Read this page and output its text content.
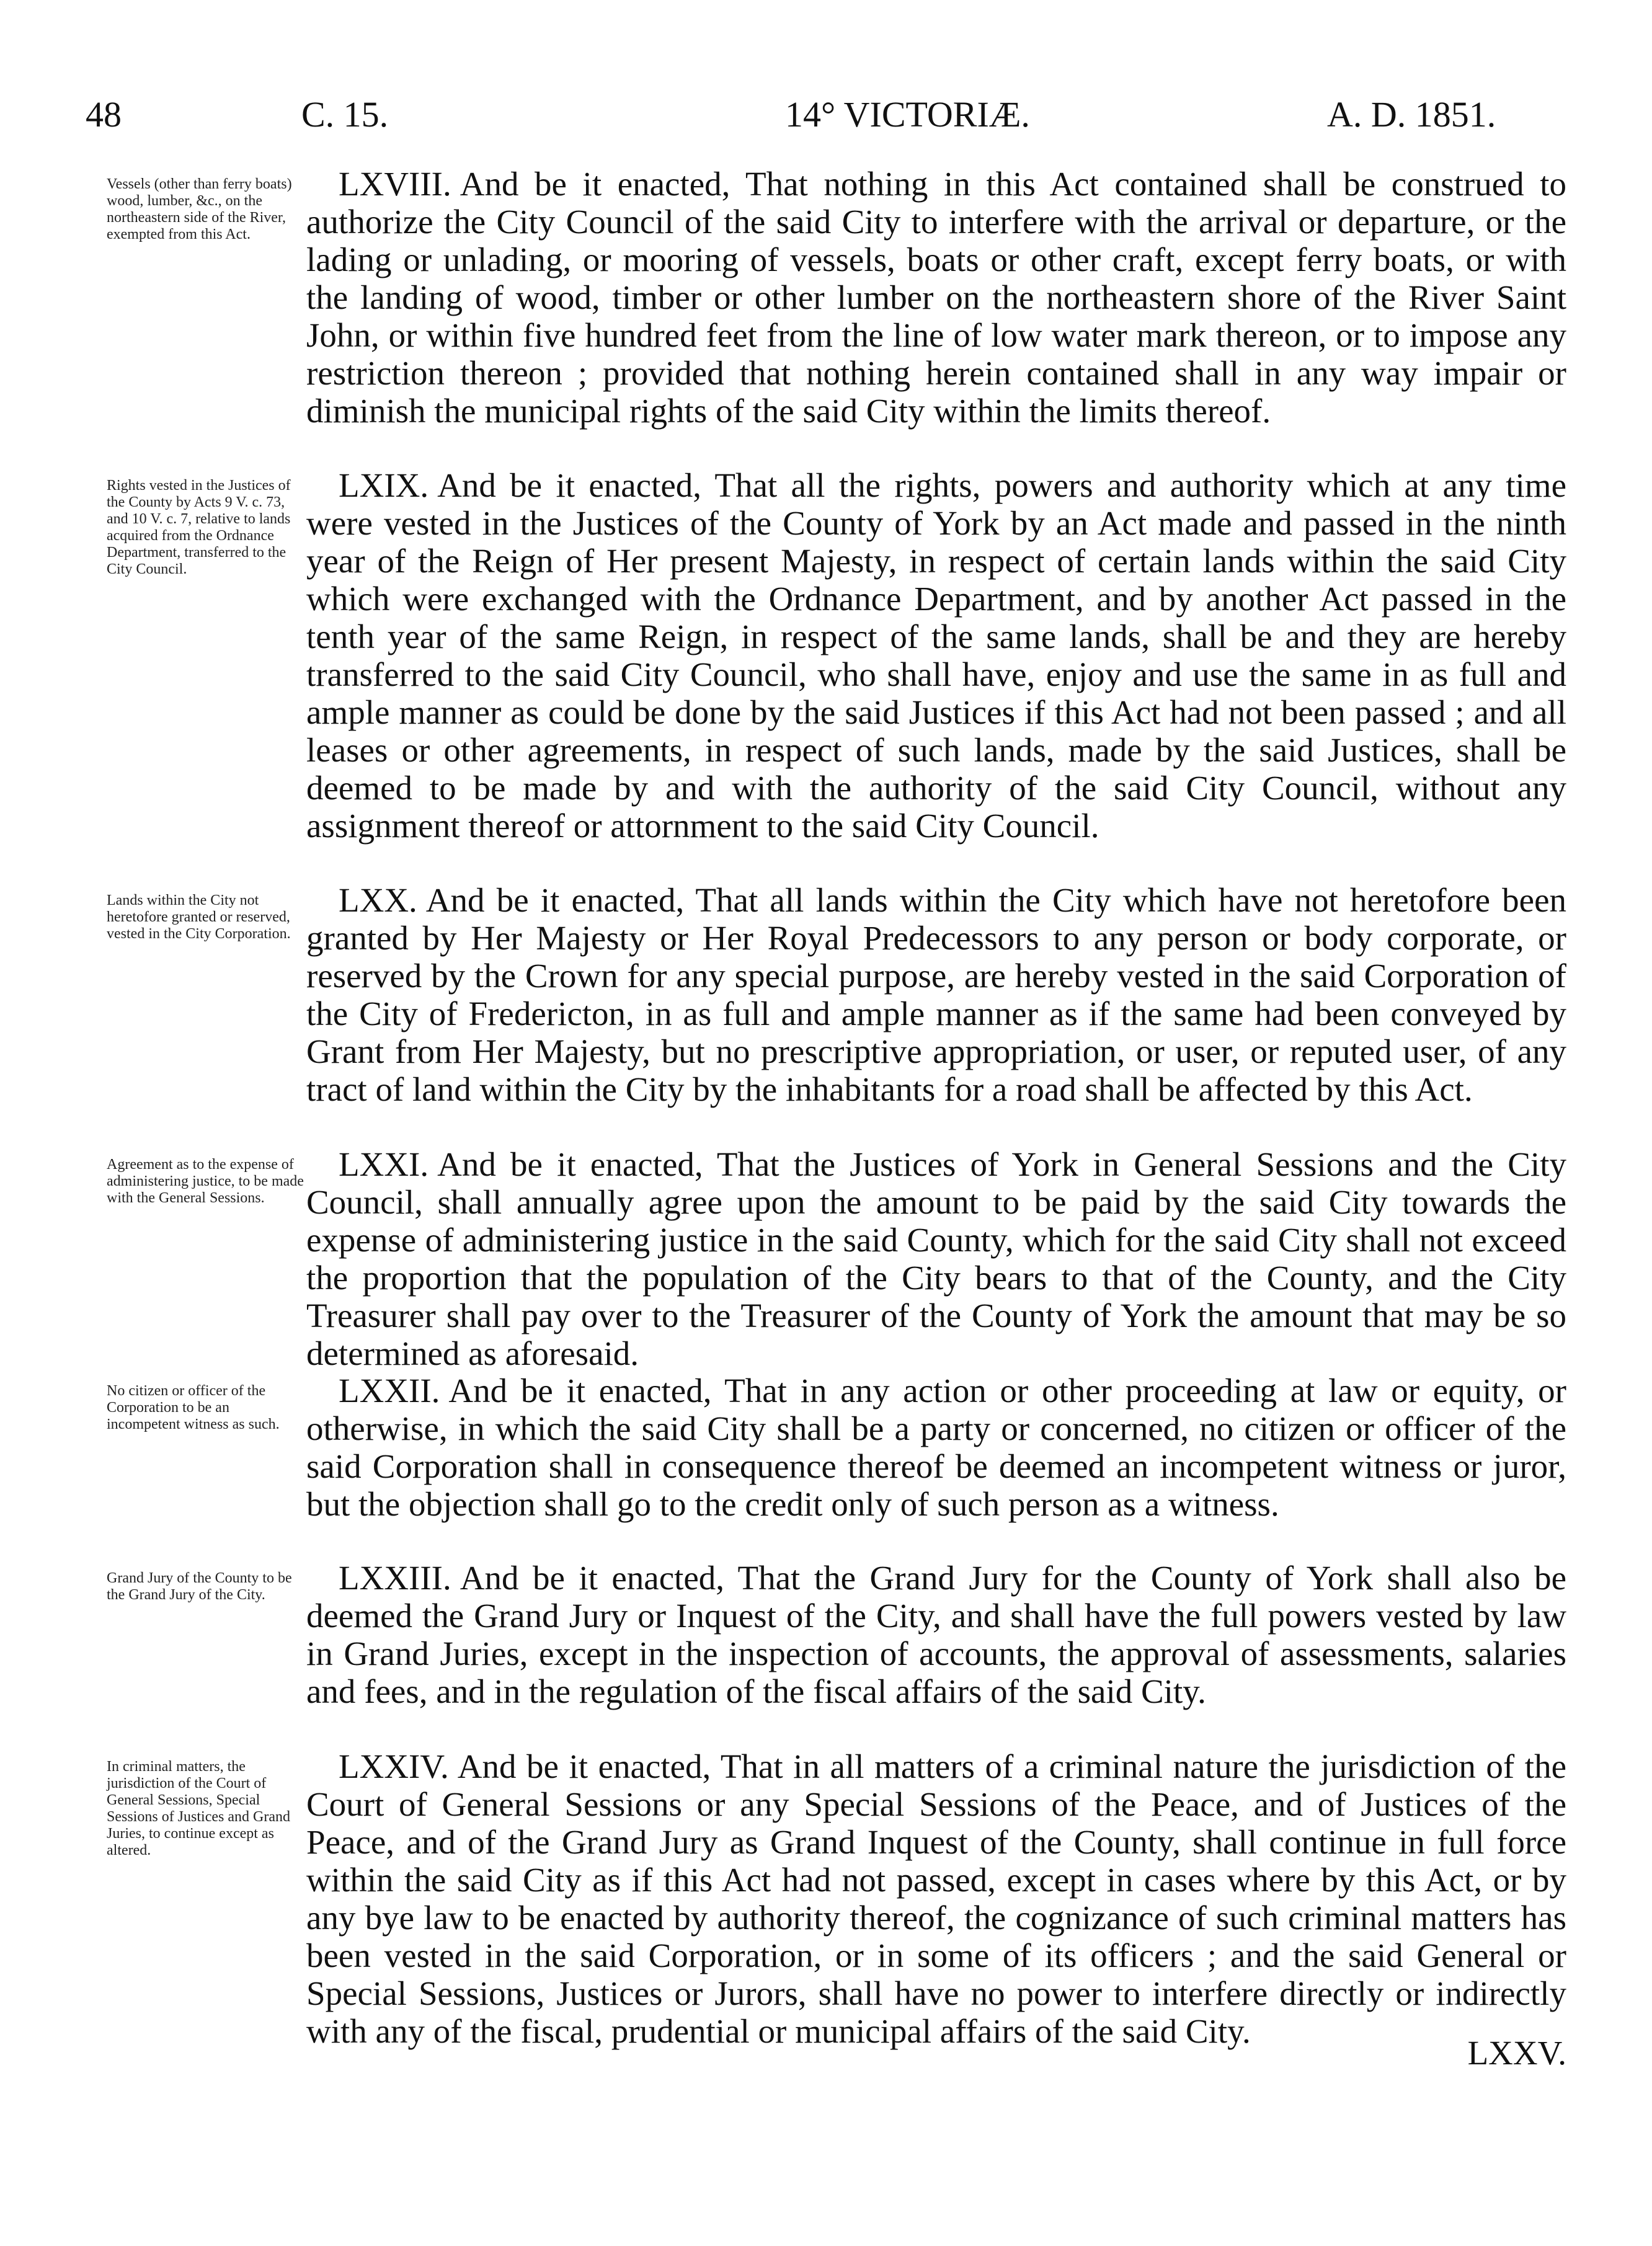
48	C. 15.	14° VICTORIÆ.	A. D. 1851.

Vessels (other than ferry boats) wood, lumber, &c., on the northeastern side of the River, exempted from this Act.

LXVIII. And be it enacted, That nothing in this Act contained shall be construed to authorize the City Council of the said City to interfere with the arrival or departure, or the lading or unlading, or mooring of vessels, boats or other craft, except ferry boats, or with the landing of wood, timber or other lumber on the northeastern shore of the River Saint John, or within five hundred feet from the line of low water mark thereon, or to impose any restriction thereon ; provided that nothing herein contained shall in any way impair or diminish the municipal rights of the said City within the limits thereof.

Rights vested in the Justices of the County by Acts 9 V. c. 73, and 10 V. c. 7, relative to lands acquired from the Ordnance Department, transferred to the City Council.

LXIX. And be it enacted, That all the rights, powers and authority which at any time were vested in the Justices of the County of York by an Act made and passed in the ninth year of the Reign of Her present Majesty, in respect of certain lands within the said City which were exchanged with the Ordnance Department, and by another Act passed in the tenth year of the same Reign, in respect of the same lands, shall be and they are hereby transferred to the said City Council, who shall have, enjoy and use the same in as full and ample manner as could be done by the said Justices if this Act had not been passed ; and all leases or other agreements, in respect of such lands, made by the said Justices, shall be deemed to be made by and with the authority of the said City Council, without any assignment thereof or attornment to the said City Council.

Lands within the City not heretofore granted or reserved, vested in the City Corporation.

LXX. And be it enacted, That all lands within the City which have not heretofore been granted by Her Majesty or Her Royal Predecessors to any person or body corporate, or reserved by the Crown for any special purpose, are hereby vested in the said Corporation of the City of Fredericton, in as full and ample manner as if the same had been conveyed by Grant from Her Majesty, but no prescriptive appropriation, or user, or reputed user, of any tract of land within the City by the inhabitants for a road shall be affected by this Act.

Agreement as to the expense of administering justice, to be made with the General Sessions.

LXXI. And be it enacted, That the Justices of York in General Sessions and the City Council, shall annually agree upon the amount to be paid by the said City towards the expense of administering justice in the said County, which for the said City shall not exceed the proportion that the population of the City bears to that of the County, and the City Treasurer shall pay over to the Treasurer of the County of York the amount that may be so determined as aforesaid.

No citizen or officer of the Corporation to be an incompetent witness as such.

LXXII. And be it enacted, That in any action or other proceeding at law or equity, or otherwise, in which the said City shall be a party or concerned, no citizen or officer of the said Corporation shall in consequence thereof be deemed an incompetent witness or juror, but the objection shall go to the credit only of such person as a witness.

Grand Jury of the County to be the Grand Jury of the City.	LXXIII. And be it enacted, That the Grand Jury for the County of York shall also be deemed the Grand Jury or Inquest of the City, and shall have the full powers vested by law in Grand Juries, except in the inspection of accounts, the approval of assessments, salaries and fees, and in the regulation of the fiscal affairs of the said City.

In criminal matters, the jurisdiction of the Court of General Sessions, Special Sessions of Justices and Grand Juries, to continue except as altered.

LXXIV. And be it enacted, That in all matters of a criminal nature the jurisdiction of the Court of General Sessions or any Special Sessions of the Peace, and of Justices of the Peace, and of the Grand Jury as Grand Inquest of the County, shall continue in full force within the said City as if this Act had not passed, except in cases where by this Act, or by any bye law to be enacted by authority thereof, the cognizance of such criminal matters has been vested in the said Corporation, or in some of its officers ; and the said General or Special Sessions, Justices or Jurors, shall have no power to interfere directly or indirectly with any of the fiscal, prudential or municipal affairs of the said City.

LXXV.
